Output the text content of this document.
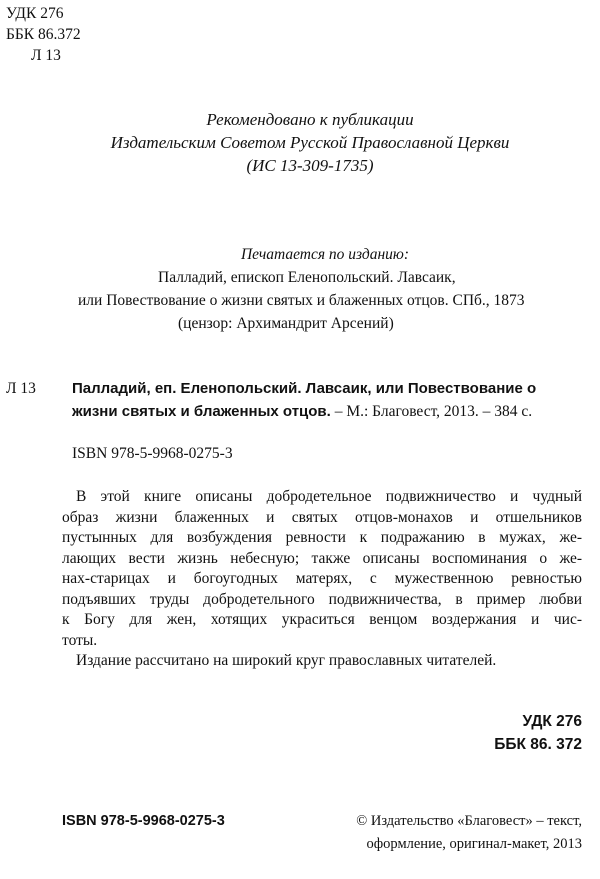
УДК 276
ББК 86.372
Л 13
Рекомендовано к публикации
Издательским Советом Русской Православной Церкви
(ИС 13-309-1735)
Печатается по изданию:
Палладий, епископ Еленопольский. Лавсаик,
или Повествование о жизни святых и блаженных отцов. СПб., 1873
(цензор: Архимандрит Арсений)
Л 13 Палладий, еп. Еленопольский. Лавсаик, или Повествование о
жизни святых и блаженных отцов. – М.: Благовест, 2013. – 384 с.
ISBN 978-5-9968-0275-3
В этой книге описаны добродетельное подвижничество и чудный
образ жизни блаженных и святых отцов-монахов и отшельников
пустынных для возбуждения ревности к подражанию в мужах, же-
лающих вести жизнь небесную; также описаны воспоминания о же-
нах-старицах и богоугодных матерях, с мужественною ревностью
подъявших труды добродетельного подвижничества, в пример любви
к Богу для жен, хотящих украситься венцом воздержания и чис-
тоты.
Издание рассчитано на широкий круг православных читателей.
УДК 276
ББК 86. 372
ISBN 978-5-9968-0275-3	© Издательство «Благовест» – текст,
оформление, оригинал-макет, 2013
